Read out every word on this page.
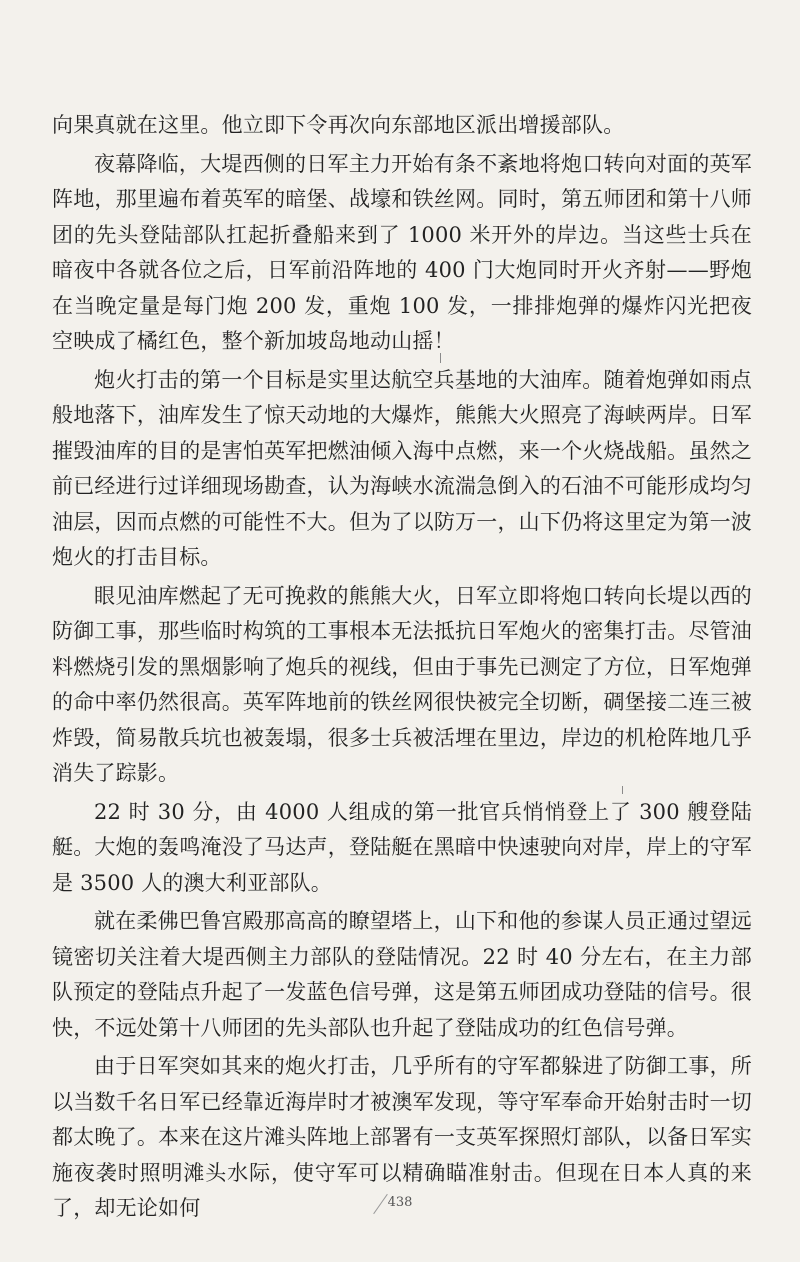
向果真就在这里。他立即下令再次向东部地区派出增援部队。

夜幕降临，大堤西侧的日军主力开始有条不紊地将炮口转向对面的英军阵地，那里遍布着英军的暗堡、战壕和铁丝网。同时，第五师团和第十八师团的先头登陆部队扛起折叠船来到了 1000 米开外的岸边。当这些士兵在暗夜中各就各位之后，日军前沿阵地的 400 门大炮同时开火齐射——野炮在当晚定量是每门炮 200 发，重炮 100 发，一排排炮弹的爆炸闪光把夜空映成了橘红色，整个新加坡岛地动山摇！

炮火打击的第一个目标是实里达航空兵基地的大油库。随着炮弹如雨点般地落下，油库发生了惊天动地的大爆炸，熊熊大火照亮了海峡两岸。日军摧毁油库的目的是害怕英军把燃油倾入海中点燃，来一个火烧战船。虽然之前已经进行过详细现场勘查，认为海峡水流湍急倒入的石油不可能形成均匀油层，因而点燃的可能性不大。但为了以防万一，山下仍将这里定为第一波炮火的打击目标。

眼见油库燃起了无可挽救的熊熊大火，日军立即将炮口转向长堤以西的防御工事，那些临时构筑的工事根本无法抵抗日军炮火的密集打击。尽管油料燃烧引发的黑烟影响了炮兵的视线，但由于事先已测定了方位，日军炮弹的命中率仍然很高。英军阵地前的铁丝网很快被完全切断，碉堡接二连三被炸毁，简易散兵坑也被轰塌，很多士兵被活埋在里边，岸边的机枪阵地几乎消失了踪影。

22 时 30 分，由 4000 人组成的第一批官兵悄悄登上了 300 艘登陆艇。大炮的轰鸣淹没了马达声，登陆艇在黑暗中快速驶向对岸，岸上的守军是 3500 人的澳大利亚部队。

就在柔佛巴鲁宫殿那高高的瞭望塔上，山下和他的参谋人员正通过望远镜密切关注着大堤西侧主力部队的登陆情况。22 时 40 分左右，在主力部队预定的登陆点升起了一发蓝色信号弹，这是第五师团成功登陆的信号。很快，不远处第十八师团的先头部队也升起了登陆成功的红色信号弹。

由于日军突如其来的炮火打击，几乎所有的守军都躲进了防御工事，所以当数千名日军已经靠近海岸时才被澳军发现，等守军奉命开始射击时一切都太晚了。本来在这片滩头阵地上部署有一支英军探照灯部队，以备日军实施夜袭时照明滩头水际，使守军可以精确瞄准射击。但现在日本人真的来了，却无论如何	438
